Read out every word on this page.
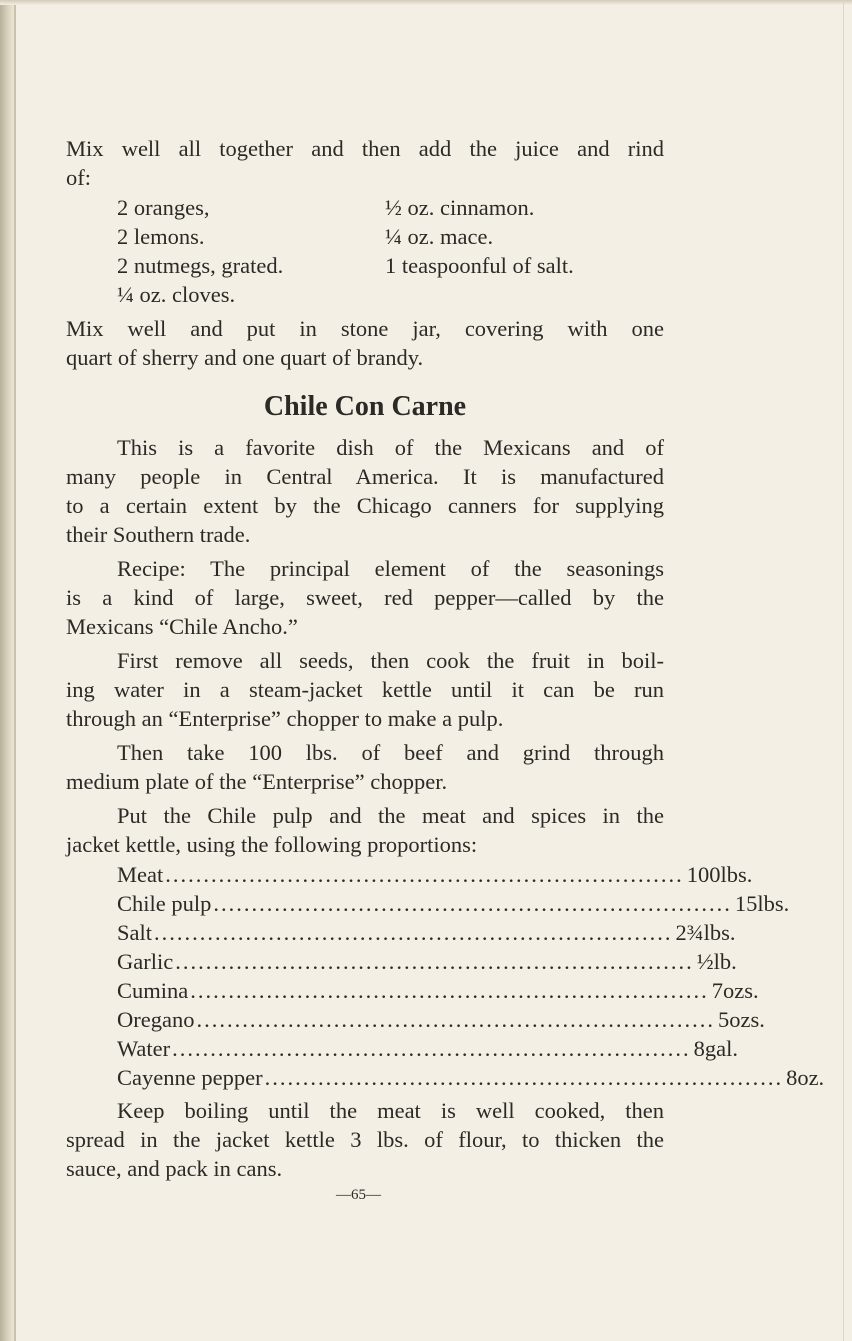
Mix well all together and then add the juice and rind
of:
2 oranges,
2 lemons.
2 nutmegs, grated.
¼ oz. cloves.
½ oz. cinnamon.
¼ oz. mace.
1 teaspoonful of salt.
Mix well and put in stone jar, covering with one
quart of sherry and one quart of brandy.
Chile Con Carne
This is a favorite dish of the Mexicans and of
many people in Central America. It is manufactured
to a certain extent by the Chicago canners for supplying
their Southern trade.
Recipe: The principal element of the seasonings
is a kind of large, sweet, red pepper—called by the
Mexicans “Chile Ancho.”
First remove all seeds, then cook the fruit in boil-
ing water in a steam-jacket kettle until it can be run
through an “Enterprise” chopper to make a pulp.
Then take 100 lbs. of beef and grind through
medium plate of the “Enterprise” chopper.
Put the Chile pulp and the meat and spices in the
jacket kettle, using the following proportions:
Meat .................................................................... 100 lbs.
Chile pulp .................................................................... 15 lbs.
Salt .................................................................... 2¾ lbs.
Garlic .................................................................... ½ lb.
Cumina .................................................................... 7 ozs.
Oregano .................................................................... 5 ozs.
Water .................................................................... 8 gal.
Cayenne pepper .................................................................... 8 oz.
Keep boiling until the meat is well cooked, then
spread in the jacket kettle 3 lbs. of flour, to thicken the
sauce, and pack in cans.
—65—
